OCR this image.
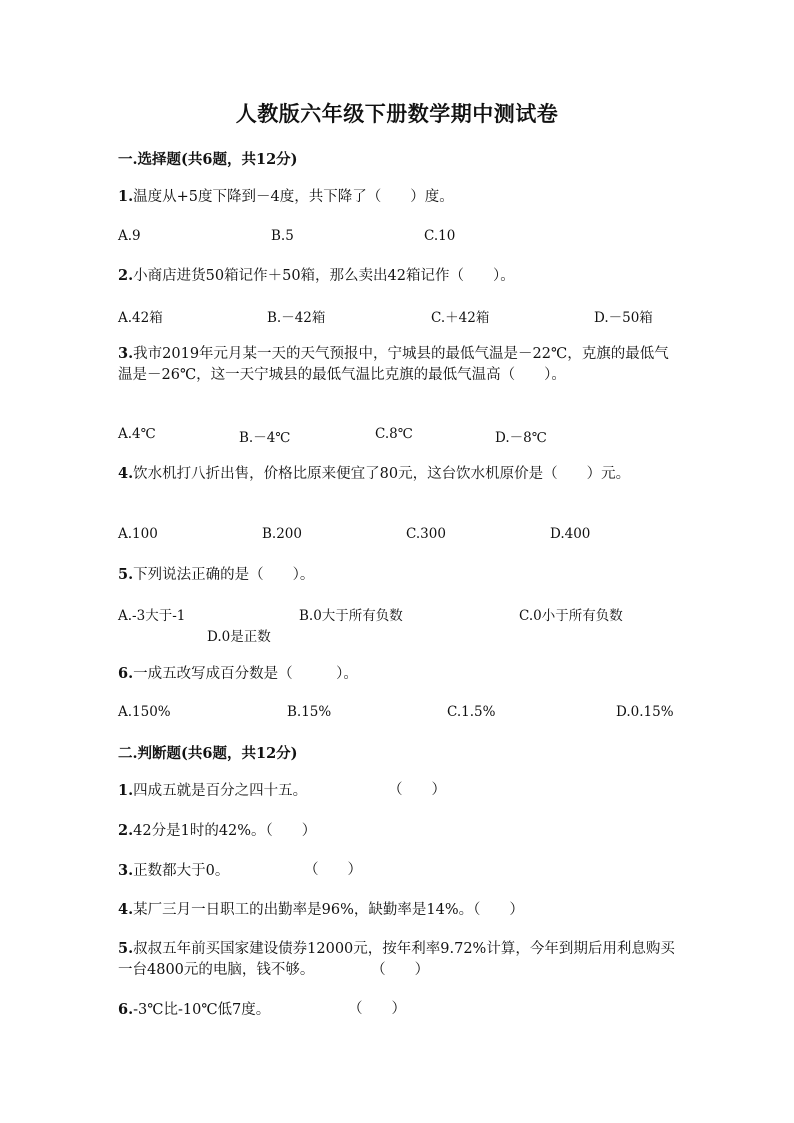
人教版六年级下册数学期中测试卷
一.选择题(共6题，共12分)
1.温度从+5度下降到－4度，共下降了（　　）度。
A.9	B.5	C.10
2.小商店进货50箱记作＋50箱，那么卖出42箱记作（　　）。
A.42箱	B.－42箱	C.＋42箱	D.－50箱
3.我市2019年元月某一天的天气预报中，宁城县的最低气温是－22℃，克旗的最低气温是－26℃，这一天宁城县的最低气温比克旗的最低气温高（　　）。
A.4℃	B.－4℃	C.8℃	D.－8℃
4.饮水机打八折出售，价格比原来便宜了80元，这台饮水机原价是（　　）元。
A.100	B.200	C.300	D.400
5.下列说法正确的是（　　）。
A.-3大于-1	B.0大于所有负数	C.0小于所有负数
D.0是正数
6.一成五改写成百分数是（　　　）。
A.150%	B.15%	C.1.5%	D.0.15%
二.判断题(共6题，共12分)
1.四成五就是百分之四十五。	（　　）
2.42分是1时的42%。（　　）
3.正数都大于0。	（　　）
4.某厂三月一日职工的出勤率是96%，缺勤率是14%。（　　）
5.叔叔五年前买国家建设债券12000元，按年利率9.72%计算，今年到期后用利息购买一台4800元的电脑，钱不够。	（　　）
6.-3℃比-10℃低7度。	（　　）
